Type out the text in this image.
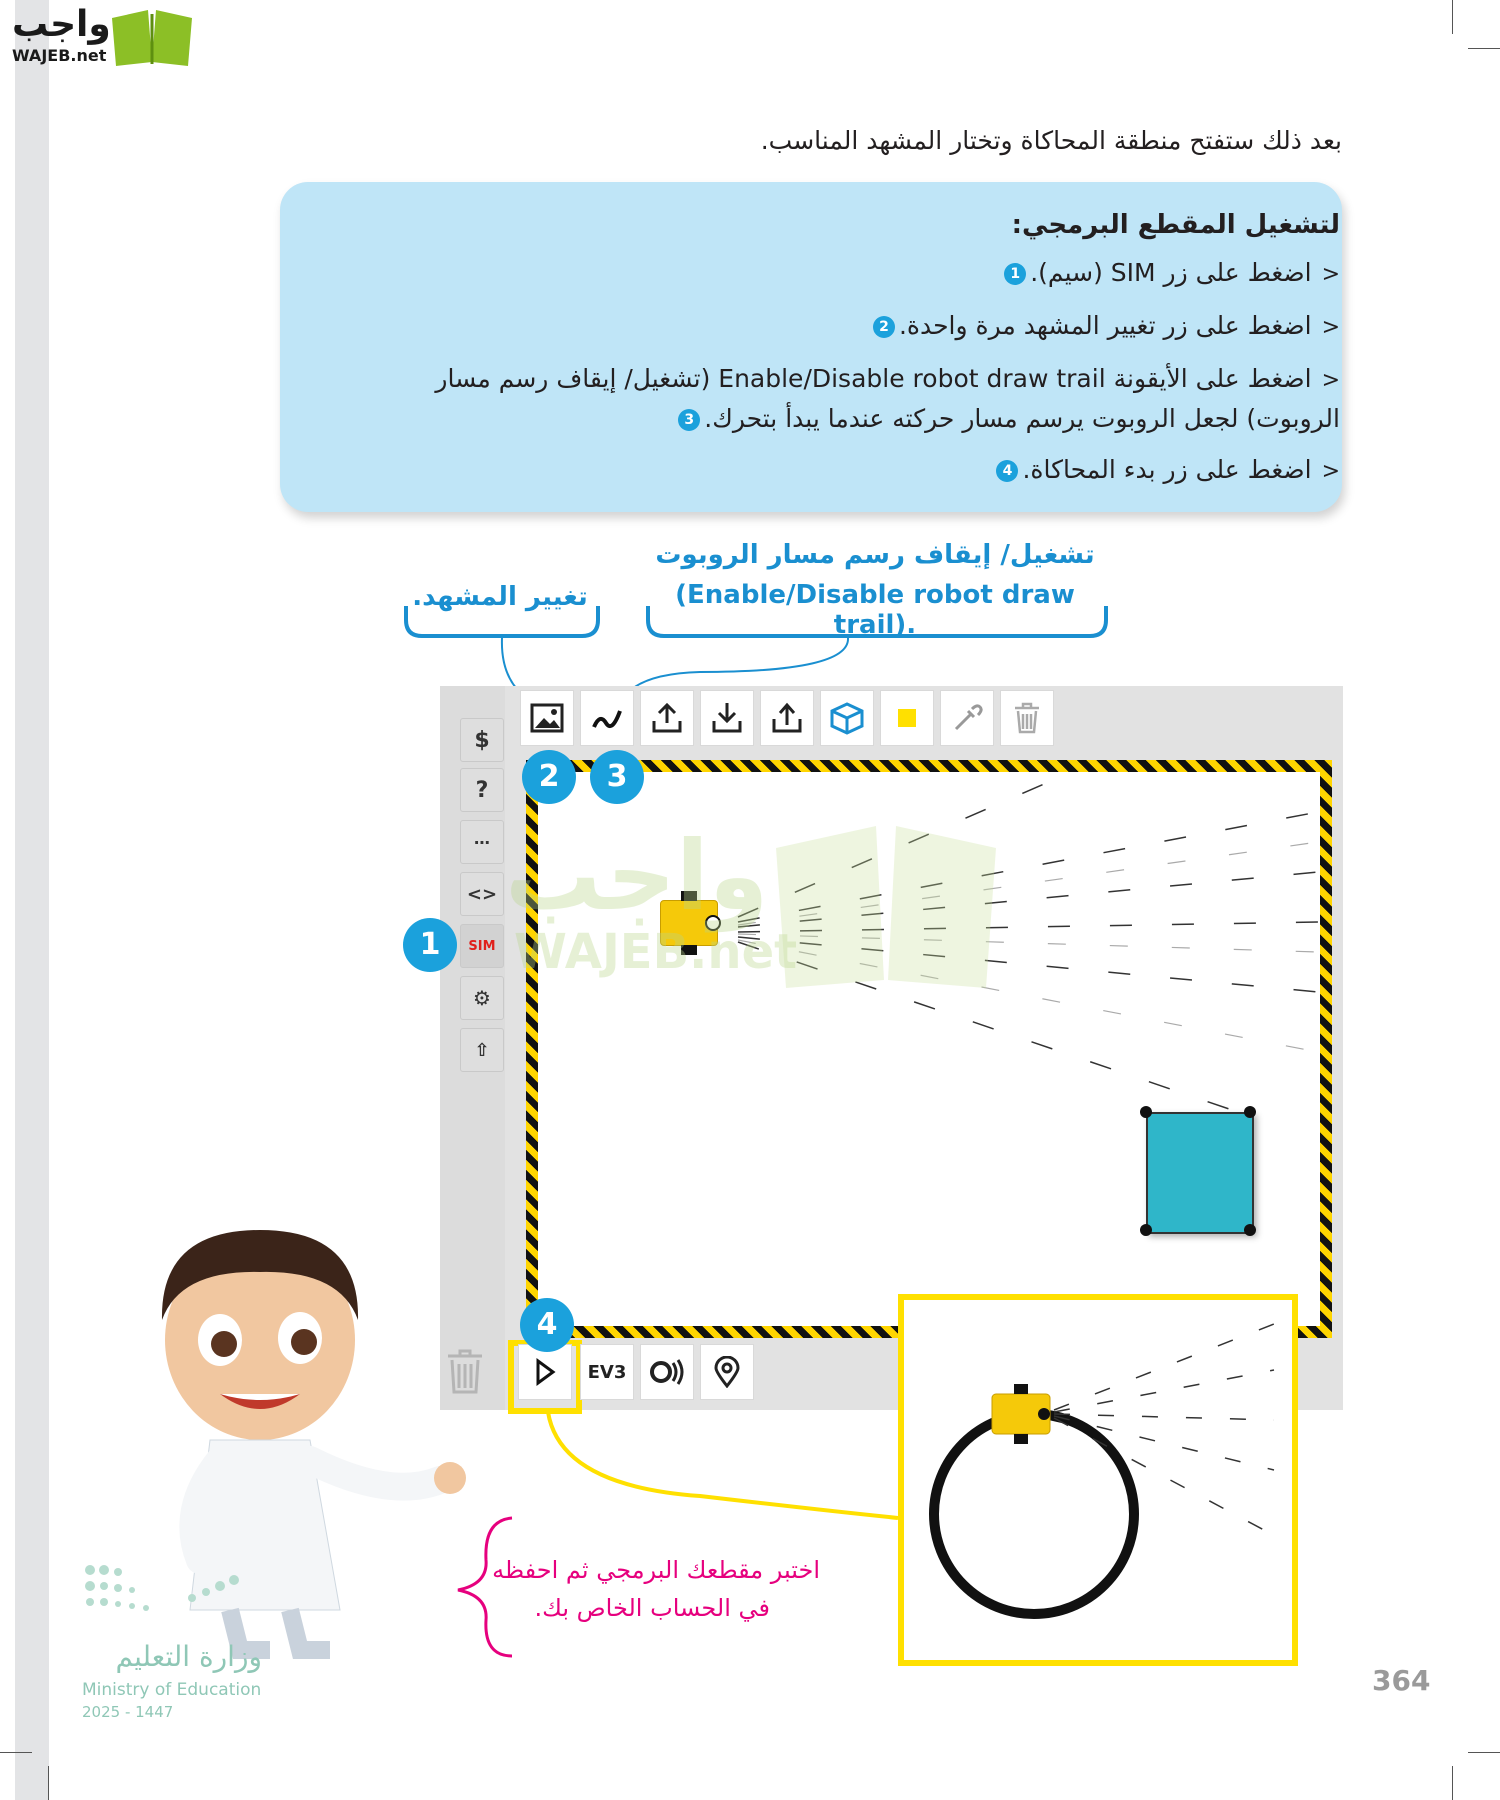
واجب
WAJEB.net
بعد ذلك ستفتح منطقة المحاكاة وتختار المشهد المناسب.
لتشغيل المقطع البرمجي:
<اضغط على زر SIM (سيم).1
<اضغط على زر تغيير المشهد مرة واحدة.2
<اضغط على الأيقونة Enable/Disable robot draw trail (تشغيل/ إيقاف رسم مسار الروبوت) لجعل الروبوت يرسم مسار حركته عندما يبدأ بتحرك.3
<اضغط على زر بدء المحاكاة.4
تغيير المشهد.
تشغيل/ إيقاف رسم مسار الروبوت
(Enable/Disable robot draw trail).
$
?
⋯
<>
SIM
⚙
⇧
واجب
WAJEB.net
EV3
1
2	3
4
اختبر مقطعك البرمجي ثم احفظه
في الحساب الخاص بك.
وزارة التعليم
Ministry of Education
2025 - 1447
364
